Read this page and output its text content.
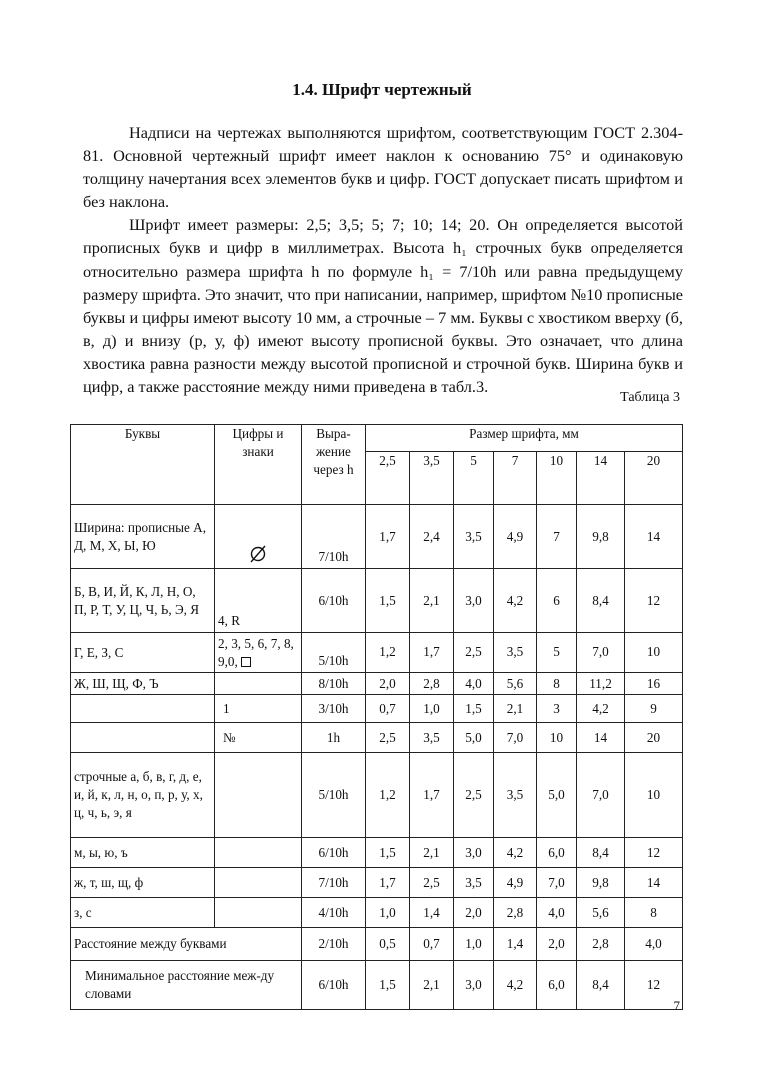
1.4. Шрифт чертежный

Надписи на чертежах выполняются шрифтом, соответствующим ГОСТ 2.304-81. Основной чертежный шрифт имеет наклон к основанию 75° и одинаковую толщину начертания всех элементов букв и цифр. ГОСТ допускает писать шрифтом и без наклона.

Шрифт имеет размеры: 2,5; 3,5; 5; 7; 10; 14; 20. Он определяется высотой прописных букв и цифр в миллиметрах. Высота h₁ строчных букв определяется относительно размера шрифта h по формуле h₁ = 7/10h или равна предыдущему размеру шрифта. Это значит, что при написании, например, шрифтом №10 прописные буквы и цифры имеют высоту 10 мм, а строчные – 7 мм. Буквы с хвостиком вверху (б, в, д) и внизу (р, у, ф) имеют высоту прописной буквы. Это означает, что длина хвостика равна разности между высотой прописной и строчной букв. Ширина букв и цифр, а также расстояние между ними приведена в табл.3.

Таблица 3
Буквы	Цифры и знаки	Выра-жение через h	Размер шрифта, мм						
			2,5	3,5	5	7	10	14	20
Ширина: прописные А, Д, М, Х, Ы, Ю		7/10h	1,7	2,4	3,5	4,9	7	9,8	14
Б, В, И, Й, К, Л, Н, О, П, Р, Т, У, Ц, Ч, Ь, Э, Я	4, R	6/10h	1,5	2,1	3,0	4,2	6	8,4	12
Г, Е, З, С	2, 3, 5, 6, 7, 8, 9,0,	5/10h	1,2	1,7	2,5	3,5	5	7,0	10
Ж, Ш, Щ, Ф, Ъ		8/10h	2,0	2,8	4,0	5,6	8	11,2	16
	1	3/10h	0,7	1,0	1,5	2,1	3	4,2	9
	№	1h	2,5	3,5	5,0	7,0	10	14	20
строчные а, б, в, г, д, е, и, й, к, л, н, о, п, р, у, х, ц, ч, ь, э, я		5/10h	1,2	1,7	2,5	3,5	5,0	7,0	10
м, ы, ю, ъ		6/10h	1,5	2,1	3,0	4,2	6,0	8,4	12
ж, т, ш, щ, ф		7/10h	1,7	2,5	3,5	4,9	7,0	9,8	14
з, с		4/10h	1,0	1,4	2,0	2,8	4,0	5,6	8
Расстояние между буквами		2/10h	0,5	0,7	1,0	1,4	2,0	2,8	4,0
Минимальное расстояние меж-ду словами		6/10h	1,5	2,1	3,0	4,2	6,0	8,4	12
7
